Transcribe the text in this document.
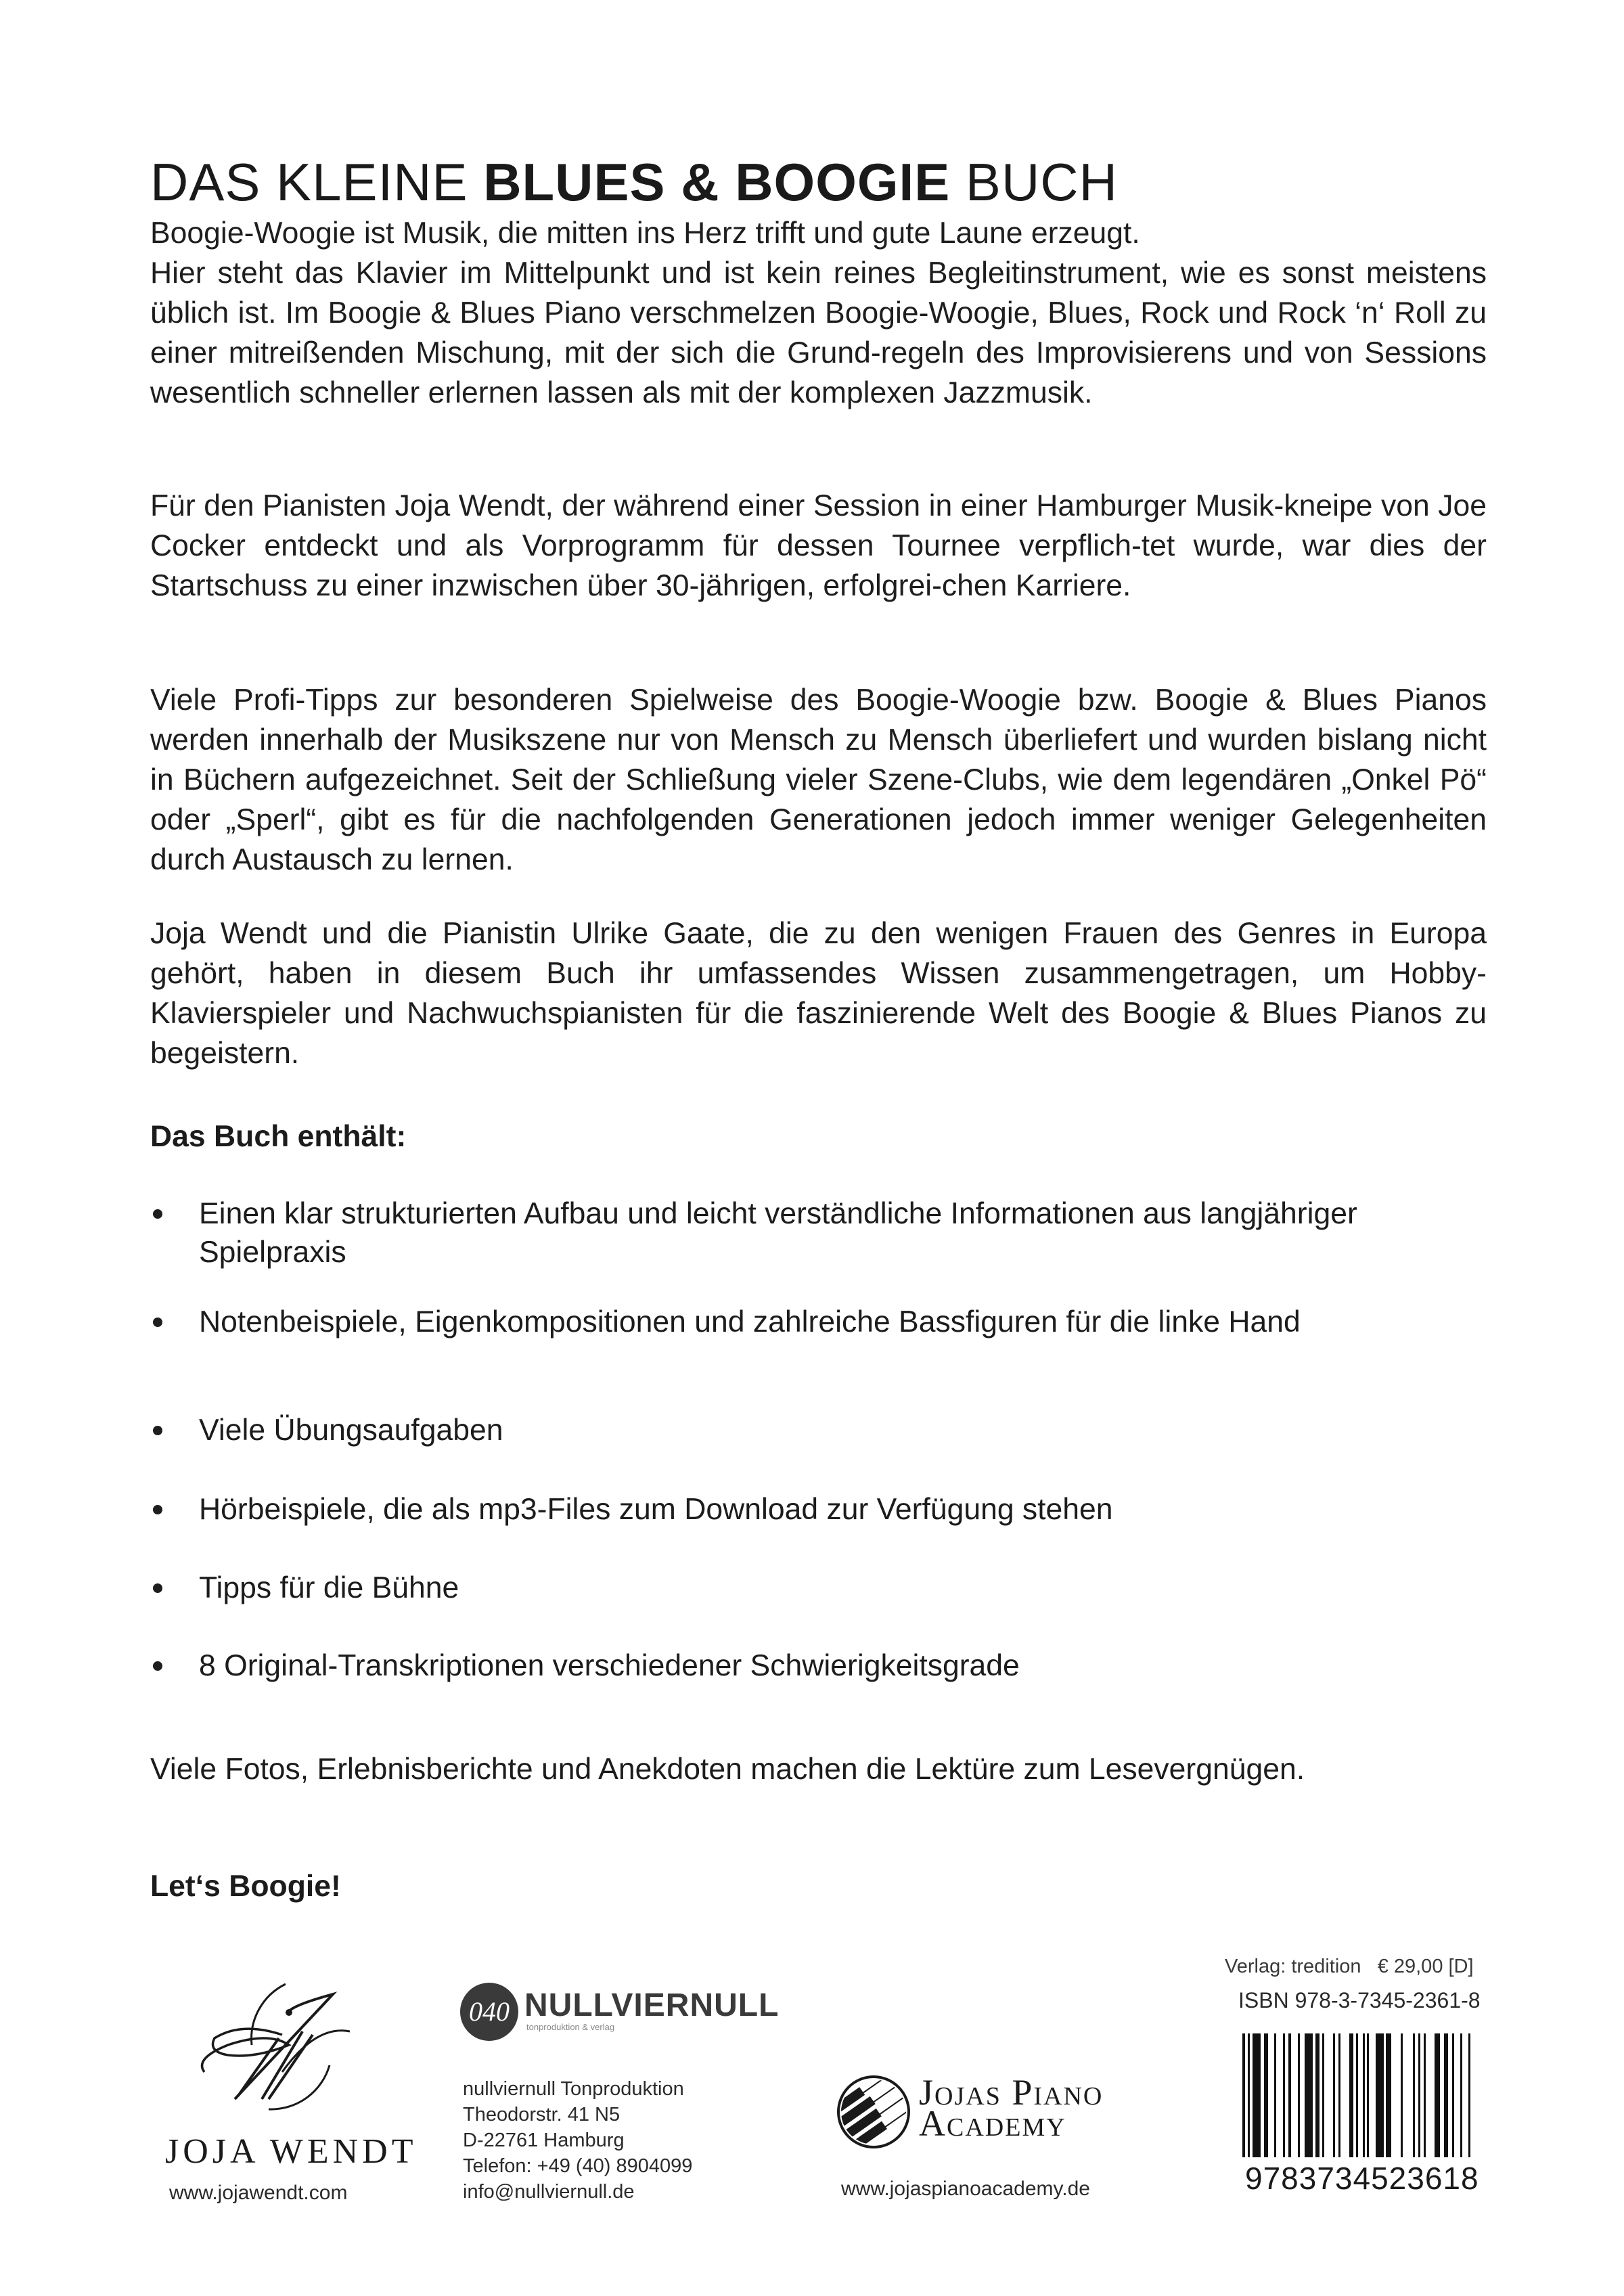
DAS KLEINE BLUES & BOOGIE BUCH
Boogie-Woogie ist Musik, die mitten ins Herz trifft und gute Laune erzeugt.

Hier steht das Klavier im Mittelpunkt und ist kein reines Begleitinstrument, wie es sonst meistens üblich ist. Im Boogie & Blues Piano verschmelzen Boogie-Woogie, Blues, Rock und Rock ‘n‘ Roll zu einer mitreißenden Mischung, mit der sich die Grund-regeln des Improvisierens und von Sessions wesentlich schneller erlernen lassen als mit der komplexen Jazzmusik.

Für den Pianisten Joja Wendt, der während einer Session in einer Hamburger Musik-kneipe von Joe Cocker entdeckt und als Vorprogramm für dessen Tournee verpflich-tet wurde, war dies der Startschuss zu einer inzwischen über 30-jährigen, erfolgrei-chen Karriere.

Viele Profi-Tipps zur besonderen Spielweise des Boogie-Woogie bzw. Boogie & Blues Pianos werden innerhalb der Musikszene nur von Mensch zu Mensch überliefert und wurden bislang nicht in Büchern aufgezeichnet. Seit der Schließung vieler Szene-Clubs, wie dem legendären „Onkel Pö“ oder „Sperl“, gibt es für die nachfolgenden Generationen jedoch immer weniger Gelegenheiten durch Austausch zu lernen.

Joja Wendt und die Pianistin Ulrike Gaate, die zu den wenigen Frauen des Genres in Europa gehört, haben in diesem Buch ihr umfassendes Wissen zusammengetragen, um Hobby-Klavierspieler und Nachwuchspianisten für die faszinierende Welt des Boogie & Blues Pianos zu begeistern.

Das Buch enthält:
Einen klar strukturierten Aufbau und leicht verständliche Informationen aus langjähriger Spielpraxis
Notenbeispiele, Eigenkompositionen und zahlreiche Bassfiguren für die linke Hand
Viele Übungsaufgaben
Hörbeispiele, die als mp3-Files zum Download zur Verfügung stehen
Tipps für die Bühne
8 Original-Transkriptionen verschiedener Schwierigkeitsgrade

Viele Fotos, Erlebnisberichte und Anekdoten machen die Lektüre zum Lesevergnügen.

Let‘s Boogie!
JOJA WENDT
www.jojawendt.com
040 NULLVIERNULL
tonproduktion & verlag
nullviernull Tonproduktion
Theodorstr. 41 N5
D-22761 Hamburg
Telefon: +49 (40) 8904099
info@nullviernull.de
Jojas Piano
Academy
www.jojaspianoacademy.de
Verlag: tredition € 29,00 [D]
ISBN 978-3-7345-2361-8
9783734523618
